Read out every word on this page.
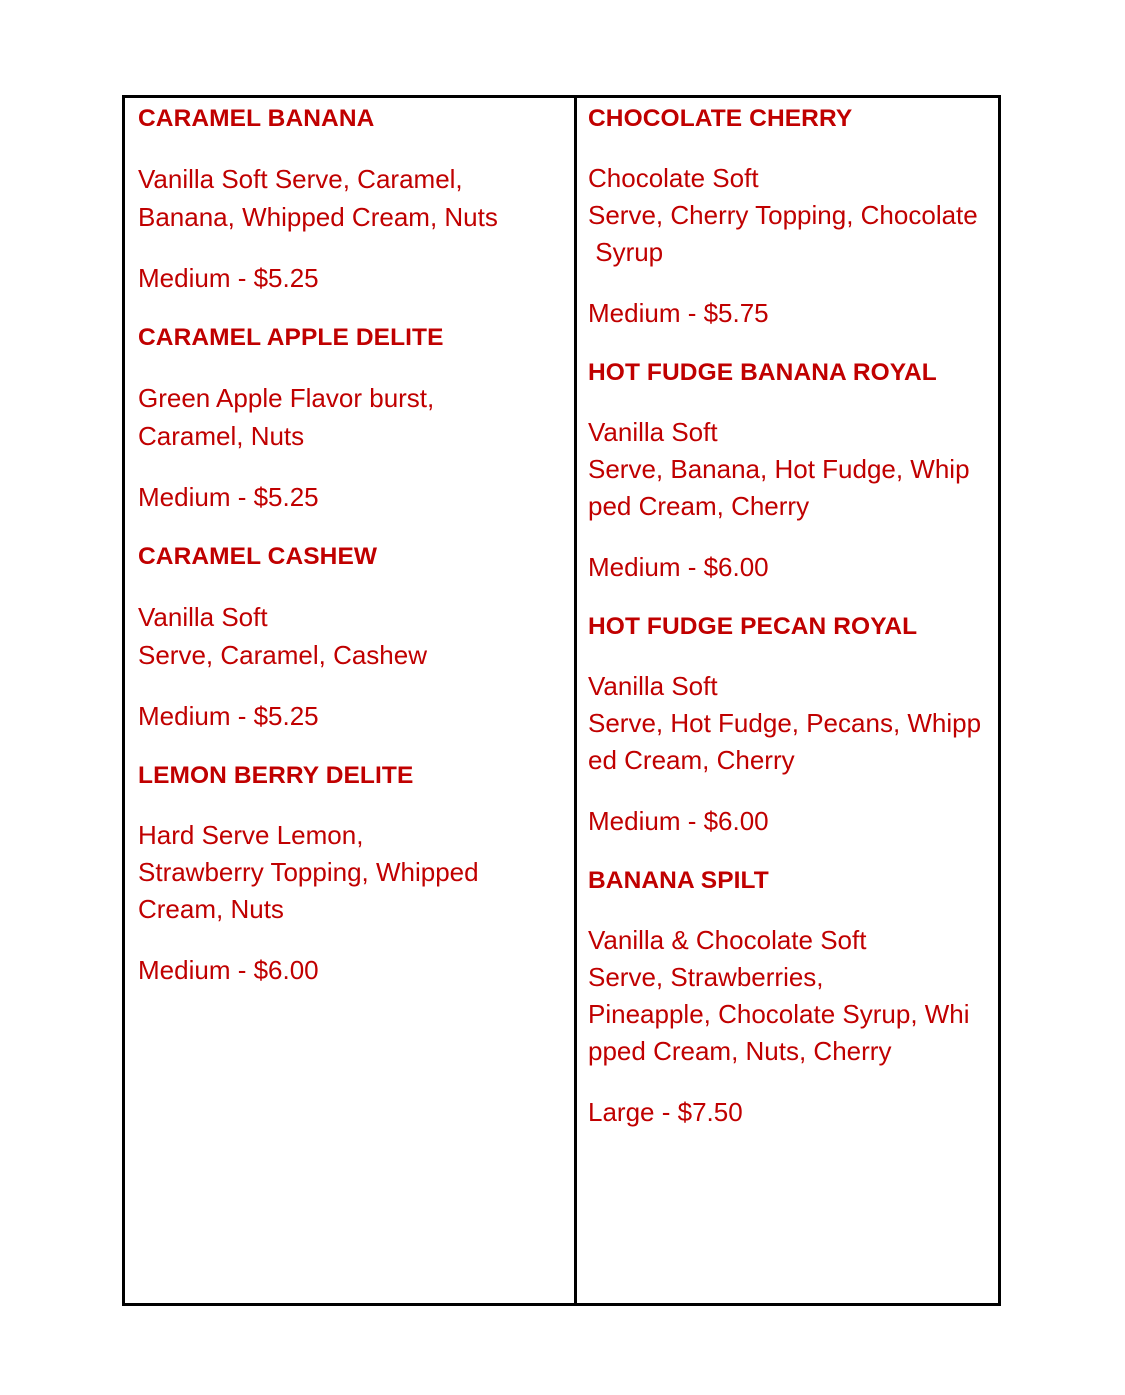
CARAMEL BANANA
Vanilla Soft Serve, Caramel,
Banana, Whipped Cream, Nuts
Medium - $5.25
CARAMEL APPLE DELITE
Green Apple Flavor burst,
Caramel, Nuts
Medium - $5.25
CARAMEL CASHEW
Vanilla Soft
Serve, Caramel, Cashew
Medium - $5.25
LEMON BERRY DELITE
Hard Serve Lemon,
Strawberry Topping, Whipped
Cream, Nuts
Medium - $6.00
CHOCOLATE CHERRY
Chocolate Soft
Serve, Cherry Topping, Chocolate
Syrup
Medium - $5.75
HOT FUDGE BANANA ROYAL
Vanilla Soft
Serve, Banana, Hot Fudge, Whip
ped Cream, Cherry
Medium - $6.00
HOT FUDGE PECAN ROYAL
Vanilla Soft
Serve, Hot Fudge, Pecans, Whipp
ed Cream, Cherry
Medium - $6.00
BANANA SPILT
Vanilla & Chocolate Soft
Serve, Strawberries,
Pineapple, Chocolate Syrup, Whi
pped Cream, Nuts, Cherry
Large - $7.50
